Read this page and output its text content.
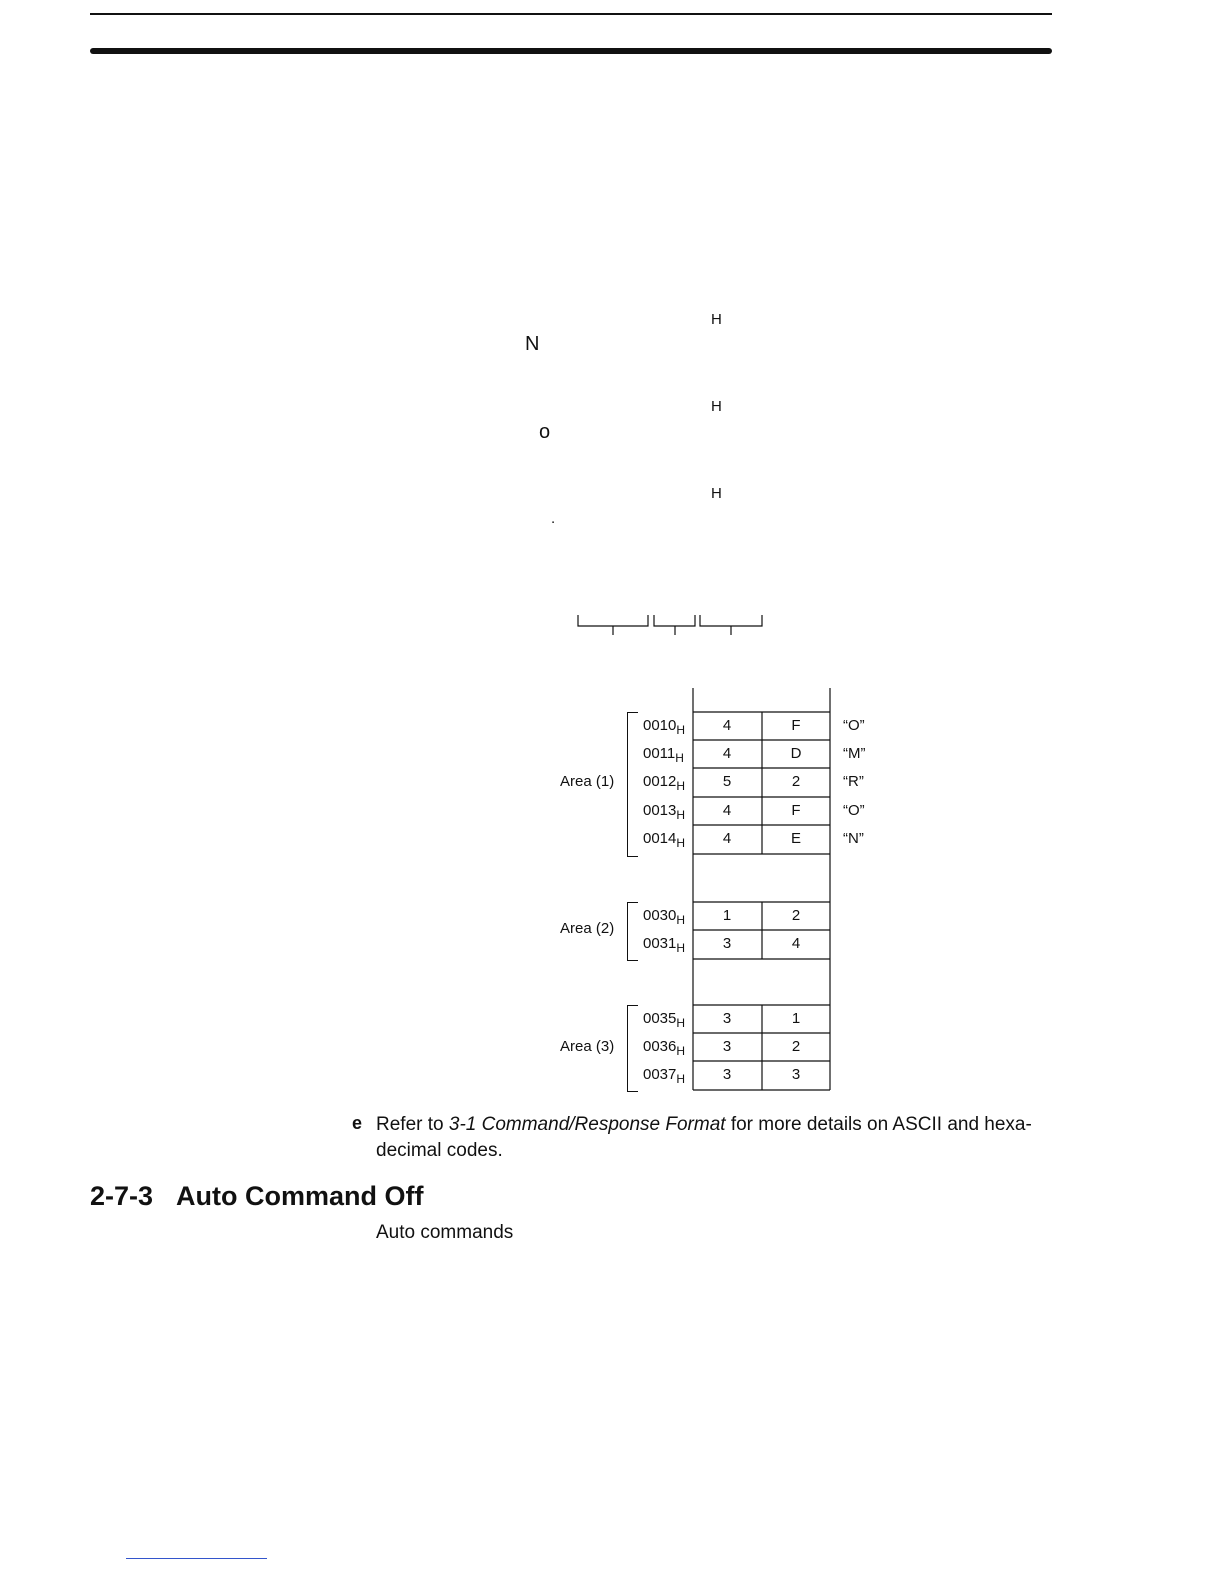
H
N
H
o
H
.
Area (1)
$0010_H$	4	F	“O”
$0011_H$	4	D	“M”
$0012_H$	5	2	“R”
$0013_H$	4	F	“O”
$0014_H$	4	E	“N”
Area (2)
$0030_H$	1	2
$0031_H$	3	4
Area (3)
$0035_H$	3	1
$0036_H$	3	2
$0037_H$	3	3
e Refer to 3-1 Command/Response Format for more details on ASCII and hexa-decimal codes.
2-7-3 Auto Command Off
Auto commands
